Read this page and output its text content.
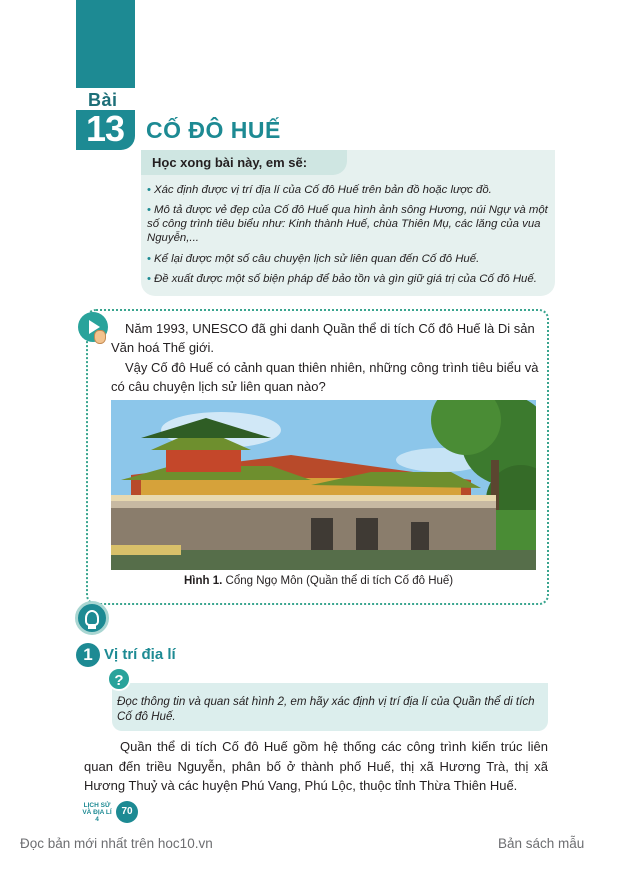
Bài
13 CỐ ĐÔ HUẾ
Học xong bài này, em sẽ:
• Xác định được vị trí địa lí của Cố đô Huế trên bản đồ hoặc lược đồ.
• Mô tả được vẻ đẹp của Cố đô Huế qua hình ảnh sông Hương, núi Ngự và một số công trình tiêu biểu như: Kinh thành Huế, chùa Thiên Mụ, các lăng của vua Nguyễn,...
• Kể lại được một số câu chuyện lịch sử liên quan đến Cố đô Huế.
• Đề xuất được một số biện pháp để bảo tồn và gìn giữ giá trị của Cố đô Huế.
Năm 1993, UNESCO đã ghi danh Quần thể di tích Cố đô Huế là Di sản Văn hoá Thế giới.
Vậy Cố đô Huế có cảnh quan thiên nhiên, những công trình tiêu biểu và có câu chuyện lịch sử liên quan nào?
Hình 1. Cổng Ngọ Môn (Quần thể di tích Cố đô Huế)
1 Vị trí địa lí
?
Đọc thông tin và quan sát hình 2, em hãy xác định vị trí địa lí của Quần thể di tích Cố đô Huế.
Quần thể di tích Cố đô Huế gồm hệ thống các công trình kiến trúc liên quan đến triều Nguyễn, phân bố ở thành phố Huế, thị xã Hương Trà, thị xã Hương Thuỷ và các huyện Phú Vang, Phú Lộc, thuộc tỉnh Thừa Thiên Huế.
LỊCH SỬ
VÀ ĐỊA LÍ 4
70
Đọc bản mới nhất trên hoc10.vn	Bản sách mẫu
